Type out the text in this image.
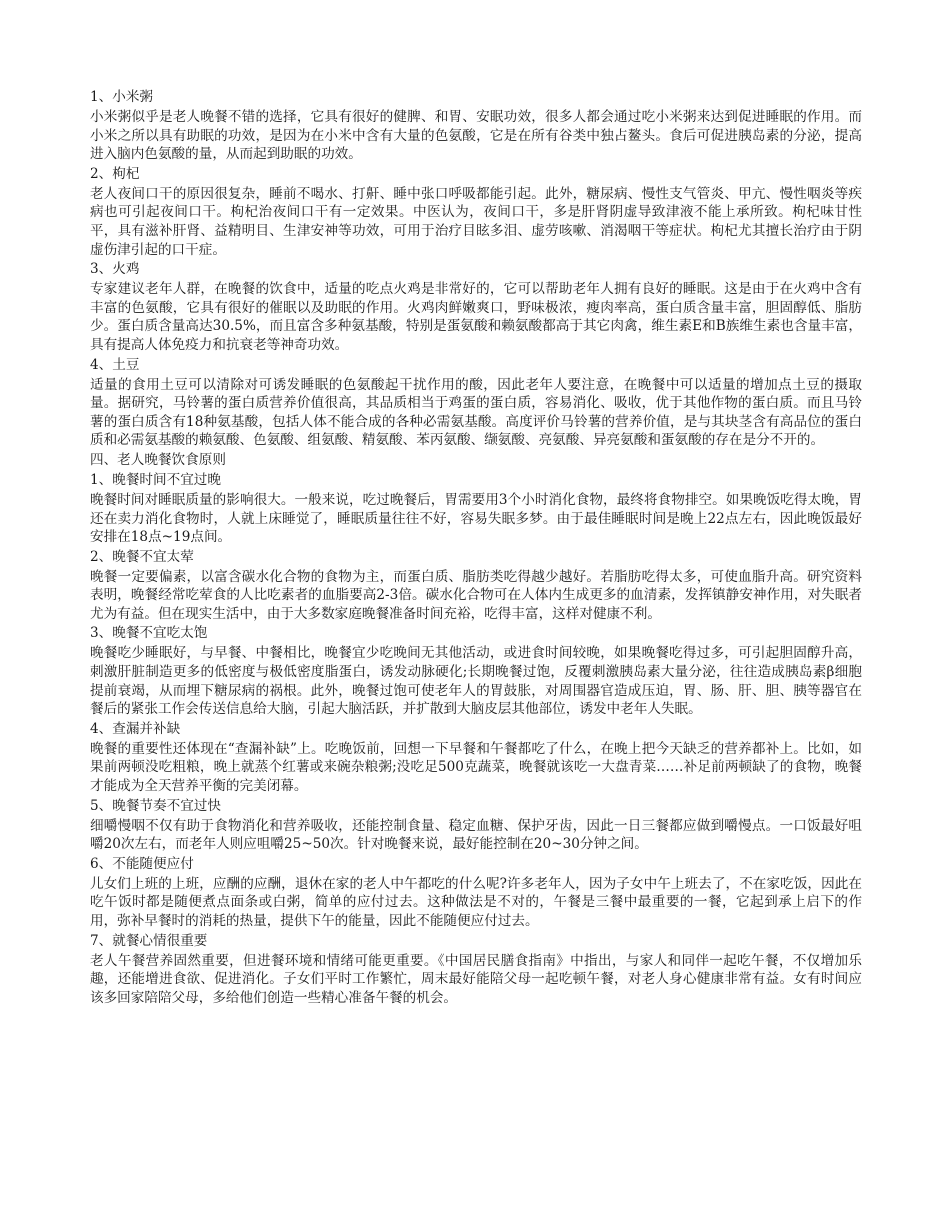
1、小米粥
小米粥似乎是老人晚餐不错的选择，它具有很好的健脾、和胃、安眠功效，很多人都会通过吃小米粥来达到促进睡眠的作用。而小米之所以具有助眠的功效，是因为在小米中含有大量的色氨酸，它是在所有谷类中独占鳌头。食后可促进胰岛素的分泌，提高进入脑内色氨酸的量，从而起到助眠的功效。
2、枸杞
老人夜间口干的原因很复杂，睡前不喝水、打鼾、睡中张口呼吸都能引起。此外，糖尿病、慢性支气管炎、甲亢、慢性咽炎等疾病也可引起夜间口干。枸杞治夜间口干有一定效果。中医认为，夜间口干，多是肝肾阴虚导致津液不能上承所致。枸杞味甘性平，具有滋补肝肾、益精明目、生津安神等功效，可用于治疗目眩多泪、虚劳咳嗽、消渴咽干等症状。枸杞尤其擅长治疗由于阴虚伤津引起的口干症。
3、火鸡
专家建议老年人群，在晚餐的饮食中，适量的吃点火鸡是非常好的，它可以帮助老年人拥有良好的睡眠。这是由于在火鸡中含有丰富的色氨酸，它具有很好的催眠以及助眠的作用。火鸡肉鲜嫩爽口，野味极浓，瘦肉率高，蛋白质含量丰富，胆固醇低、脂肪少。蛋白质含量高达30.5%，而且富含多种氨基酸，特别是蛋氨酸和赖氨酸都高于其它肉禽，维生素E和B族维生素也含量丰富，具有提高人体免疫力和抗衰老等神奇功效。
4、土豆
适量的食用土豆可以清除对可诱发睡眠的色氨酸起干扰作用的酸，因此老年人要注意，在晚餐中可以适量的增加点土豆的摄取量。据研究，马铃薯的蛋白质营养价值很高，其品质相当于鸡蛋的蛋白质，容易消化、吸收，优于其他作物的蛋白质。而且马铃薯的蛋白质含有18种氨基酸，包括人体不能合成的各种必需氨基酸。高度评价马铃薯的营养价值，是与其块茎含有高品位的蛋白质和必需氨基酸的赖氨酸、色氨酸、组氨酸、精氨酸、苯丙氨酸、缬氨酸、亮氨酸、异亮氨酸和蛋氨酸的存在是分不开的。
四、老人晚餐饮食原则
1、晚餐时间不宜过晚
晚餐时间对睡眠质量的影响很大。一般来说，吃过晚餐后，胃需要用3个小时消化食物，最终将食物排空。如果晚饭吃得太晚，胃还在卖力消化食物时，人就上床睡觉了，睡眠质量往往不好，容易失眠多梦。由于最佳睡眠时间是晚上22点左右，因此晚饭最好安排在18点~19点间。
2、晚餐不宜太荤
晚餐一定要偏素，以富含碳水化合物的食物为主，而蛋白质、脂肪类吃得越少越好。若脂肪吃得太多，可使血脂升高。研究资料表明，晚餐经常吃荤食的人比吃素者的血脂要高2-3倍。碳水化合物可在人体内生成更多的血清素，发挥镇静安神作用，对失眠者尤为有益。但在现实生活中，由于大多数家庭晚餐准备时间充裕，吃得丰富，这样对健康不利。
3、晚餐不宜吃太饱
晚餐吃少睡眠好，与早餐、中餐相比，晚餐宜少吃晚间无其他活动，或进食时间较晚，如果晚餐吃得过多，可引起胆固醇升高，刺激肝脏制造更多的低密度与极低密度脂蛋白，诱发动脉硬化;长期晚餐过饱，反覆刺激胰岛素大量分泌，往往造成胰岛素β细胞提前衰竭，从而埋下糖尿病的祸根。此外，晚餐过饱可使老年人的胃鼓胀，对周围器官造成压迫，胃、肠、肝、胆、胰等器官在餐后的紧张工作会传送信息给大脑，引起大脑活跃，并扩散到大脑皮层其他部位，诱发中老年人失眠。
4、查漏并补缺
晚餐的重要性还体现在“查漏补缺”上。吃晚饭前，回想一下早餐和午餐都吃了什么，在晚上把今天缺乏的营养都补上。比如，如果前两顿没吃粗粮，晚上就蒸个红薯或来碗杂粮粥;没吃足500克蔬菜，晚餐就该吃一大盘青菜……补足前两顿缺了的食物，晚餐才能成为全天营养平衡的完美闭幕。
5、晚餐节奏不宜过快
细嚼慢咽不仅有助于食物消化和营养吸收，还能控制食量、稳定血糖、保护牙齿，因此一日三餐都应做到嚼慢点。一口饭最好咀嚼20次左右，而老年人则应咀嚼25~50次。针对晚餐来说，最好能控制在20~30分钟之间。
6、不能随便应付
儿女们上班的上班，应酬的应酬，退休在家的老人中午都吃的什么呢?许多老年人，因为子女中午上班去了，不在家吃饭，因此在吃午饭时都是随便煮点面条或白粥，简单的应付过去。这种做法是不对的，午餐是三餐中最重要的一餐，它起到承上启下的作用，弥补早餐时的消耗的热量，提供下午的能量，因此不能随便应付过去。
7、就餐心情很重要
老人午餐营养固然重要，但进餐环境和情绪可能更重要。《中国居民膳食指南》中指出，与家人和同伴一起吃午餐，不仅增加乐趣，还能增进食欲、促进消化。子女们平时工作繁忙，周末最好能陪父母一起吃顿午餐，对老人身心健康非常有益。女有时间应该多回家陪陪父母，多给他们创造一些精心准备午餐的机会。
